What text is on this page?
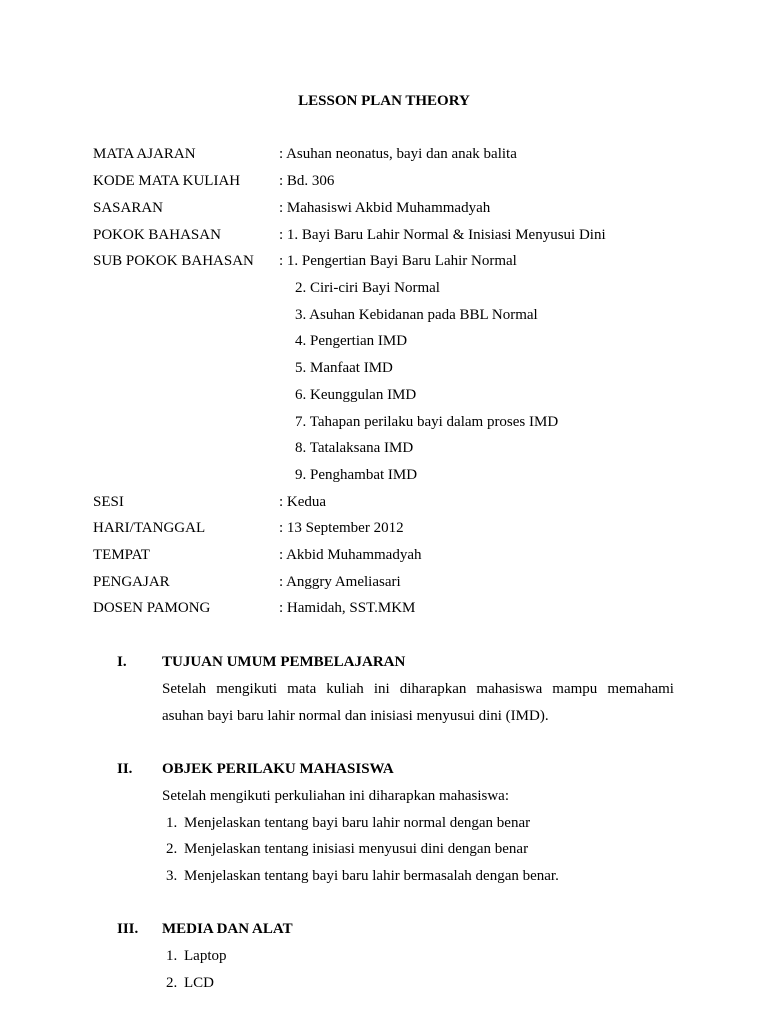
LESSON PLAN THEORY
MATA AJARAN	: Asuhan neonatus, bayi dan anak balita
KODE MATA KULIAH	: Bd. 306
SASARAN	: Mahasiswi Akbid Muhammadyah
POKOK BAHASAN	: 1. Bayi Baru Lahir Normal & Inisiasi Menyusui Dini
SUB POKOK BAHASAN : 1. Pengertian Bayi Baru Lahir Normal
2. Ciri-ciri Bayi Normal
3. Asuhan Kebidanan pada BBL Normal
4. Pengertian IMD
5. Manfaat IMD
6. Keunggulan IMD
7. Tahapan perilaku bayi dalam proses IMD
8. Tatalaksana IMD
9. Penghambat IMD
SESI	: Kedua
HARI/TANGGAL	: 13 September 2012
TEMPAT	: Akbid Muhammadyah
PENGAJAR	: Anggry Ameliasari
DOSEN PAMONG	: Hamidah, SST.MKM
I. TUJUAN UMUM PEMBELAJARAN
Setelah mengikuti mata kuliah ini diharapkan mahasiswa mampu memahami
asuhan bayi baru lahir normal dan inisiasi menyusui dini (IMD).
II. OBJEK PERILAKU MAHASISWA
Setelah mengikuti perkuliahan ini diharapkan mahasiswa:
1. Menjelaskan tentang bayi baru lahir normal dengan benar
2. Menjelaskan tentang inisiasi menyusui dini dengan benar
3. Menjelaskan tentang bayi baru lahir bermasalah dengan benar.
III. MEDIA DAN ALAT
1. Laptop
2. LCD
